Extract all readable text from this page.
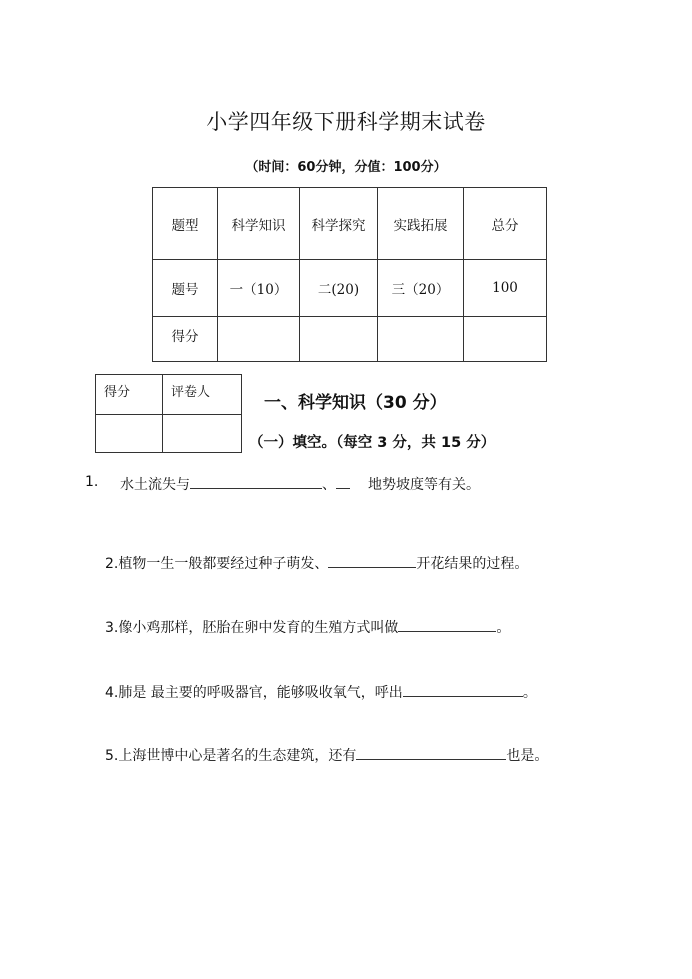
小学四年级下册科学期末试卷
（时间：60分钟，分值：100分）
题型	科学知识	科学探究	实践拓展	总分
题号	一（10）	二(20)	三（20）	100
得分				
得分	评卷人

一、科学知识（30 分）
（一）填空。（每空 3 分，共 15 分）
1. 水土流失与	、 地势坡度等有关。
2.植物一生一般都要经过种子萌发、	开花结果的过程。
3.像小鸡那样，胚胎在卵中发育的生殖方式叫做	。
4.肺是 最主要的呼吸器官，能够吸收氧气，呼出	。
5.上海世博中心是著名的生态建筑，还有	也是。
